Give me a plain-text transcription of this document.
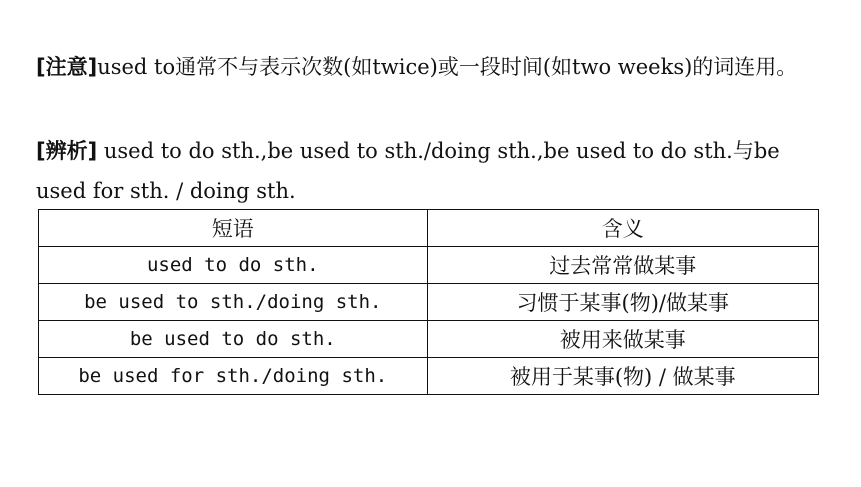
[注意]used to通常不与表示次数(如twice)或一段时间(如two weeks)的词连用。
[辨析] used to do sth.,be used to sth./doing sth.,be used to do sth.与be used for sth. / doing sth.
短语	含义
used to do sth.	过去常常做某事
be used to sth./doing sth.	习惯于某事(物)/做某事
be used to do sth.	被用来做某事
be used for sth./doing sth.	被用于某事(物) / 做某事
